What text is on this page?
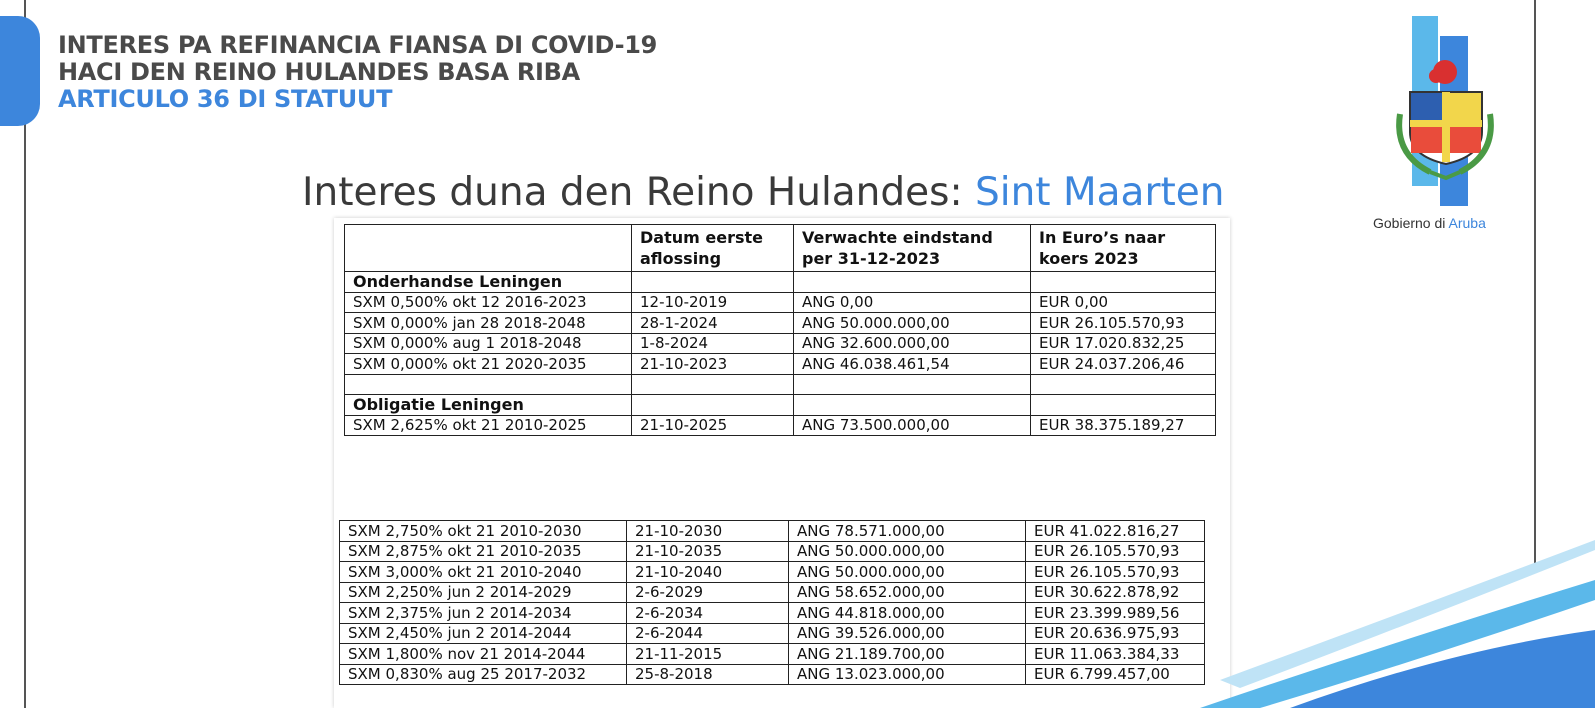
INTERES PA REFINANCIA FIANSA DI COVID-19
HACI DEN REINO HULANDES BASA RIBA
ARTICULO 36 DI STATUUT
Interes duna den Reino Hulandes: Sint Maarten
Gobierno di Aruba
	Datum eerste aflossing	Verwachte eindstand per 31-12-2023	In Euro’s naar koers 2023
Onderhandse Leningen			
SXM 0,500% okt 12 2016-2023	12-10-2019	ANG 0,00	EUR 0,00
SXM 0,000% jan 28 2018-2048	28-1-2024	ANG 50.000.000,00	EUR 26.105.570,93
SXM 0,000% aug 1 2018-2048	1-8-2024	ANG 32.600.000,00	EUR 17.020.832,25
SXM 0,000% okt 21 2020-2035	21-10-2023	ANG 46.038.461,54	EUR 24.037.206,46

Obligatie Leningen			
SXM 2,625% okt 21 2010-2025	21-10-2025	ANG 73.500.000,00	EUR 38.375.189,27
SXM 2,750% okt 21 2010-2030	21-10-2030	ANG 78.571.000,00	EUR 41.022.816,27
SXM 2,875% okt 21 2010-2035	21-10-2035	ANG 50.000.000,00	EUR 26.105.570,93
SXM 3,000% okt 21 2010-2040	21-10-2040	ANG 50.000.000,00	EUR 26.105.570,93
SXM 2,250% jun 2 2014-2029	2-6-2029	ANG 58.652.000,00	EUR 30.622.878,92
SXM 2,375% jun 2 2014-2034	2-6-2034	ANG 44.818.000,00	EUR 23.399.989,56
SXM 2,450% jun 2 2014-2044	2-6-2044	ANG 39.526.000,00	EUR 20.636.975,93
SXM 1,800% nov 21 2014-2044	21-11-2015	ANG 21.189.700,00	EUR 11.063.384,33
SXM 0,830% aug 25 2017-2032	25-8-2018	ANG 13.023.000,00	EUR 6.799.457,00
